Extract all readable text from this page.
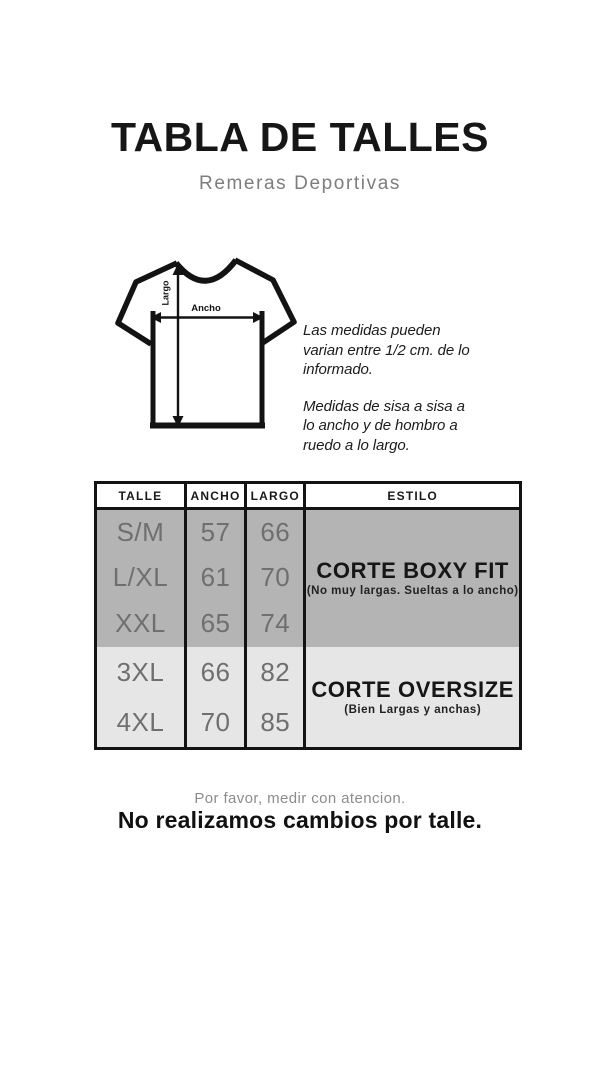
TABLA DE TALLES
Remeras Deportivas
Largo
Ancho
Las medidas pueden
varian entre 1/2 cm. de lo
informado.
Medidas de sisa a sisa a
lo ancho y de hombro a
ruedo a lo largo.
TALLE	ANCHO	LARGO	ESTILO
S/M	57	66	CORTE BOXY FIT
(No muy largas. Sueltas a lo ancho)

L/XL	61	70	
XXL	65	74	
3XL	66	82	CORTE OVERSIZE
(Bien Largas y anchas)

4XL	70	85	
Por favor, medir con atencion.
No realizamos cambios por talle.
